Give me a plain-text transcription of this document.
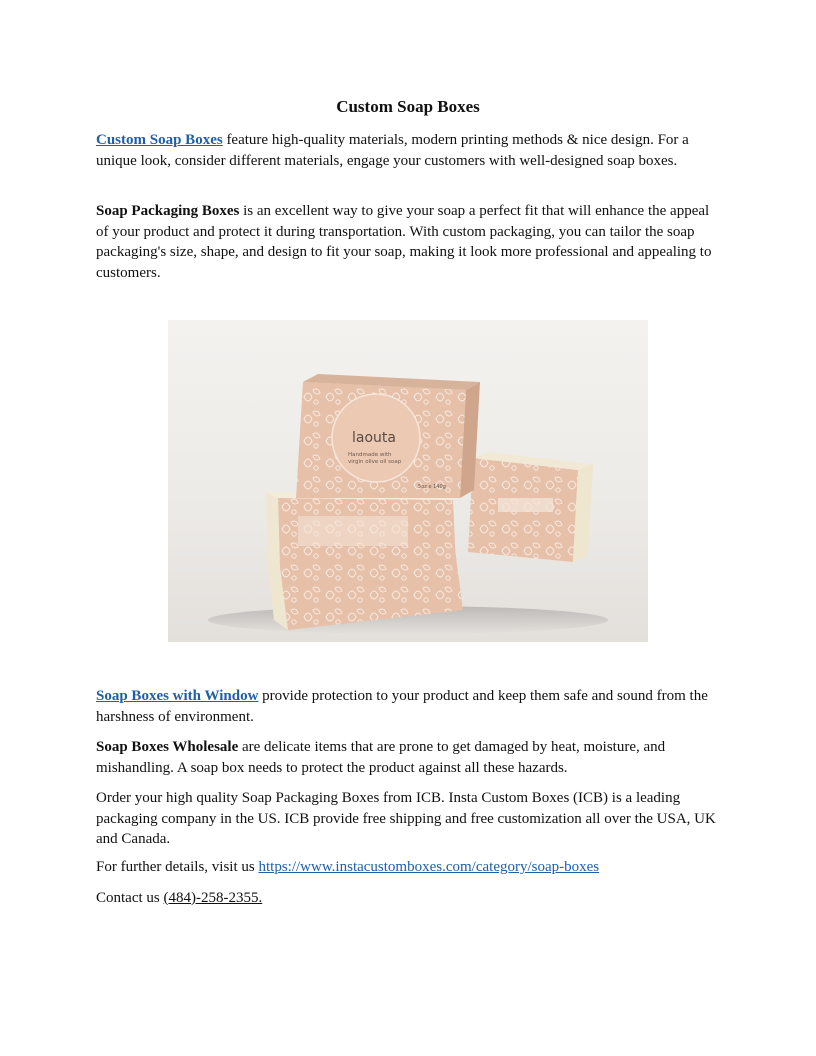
Custom Soap Boxes

Custom Soap Boxes feature high-quality materials, modern printing methods & nice design. For a unique look, consider different materials, engage your customers with well-designed soap boxes.

Soap Packaging Boxes is an excellent way to give your soap a perfect fit that will enhance the appeal of your product and protect it during transportation. With custom packaging, you can tailor the soap packaging's size, shape, and design to fit your soap, making it look more professional and appealing to customers.

laouta
Handmade with
virgin olive oil soap
5oz e 140g

Soap Boxes with Window provide protection to your product and keep them safe and sound from the harshness of environment.

Soap Boxes Wholesale are delicate items that are prone to get damaged by heat, moisture, and mishandling. A soap box needs to protect the product against all these hazards.

Order your high quality Soap Packaging Boxes from ICB. Insta Custom Boxes (ICB) is a leading packaging company in the US. ICB provide free shipping and free customization all over the USA, UK and Canada.

For further details, visit us https://www.instacustomboxes.com/category/soap-boxes

Contact us (484)-258-2355.
